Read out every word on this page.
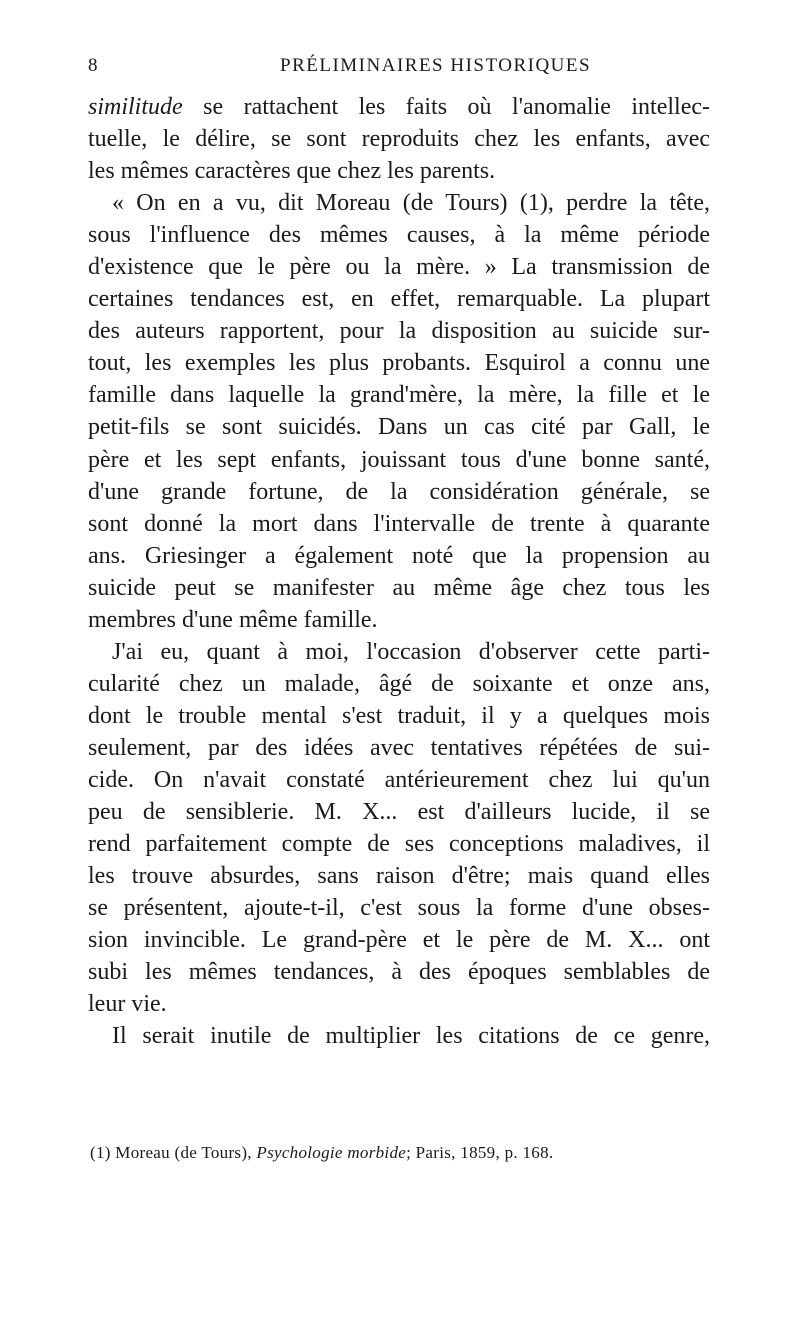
8	PRÉLIMINAIRES HISTORIQUES
similitude se rattachent les faits où l'anomalie intellec-
tuelle, le délire, se sont reproduits chez les enfants, avec
les mêmes caractères que chez les parents.
« On en a vu, dit Moreau (de Tours) (1), perdre la tête,
sous l'influence des mêmes causes, à la même période
d'existence que le père ou la mère. » La transmission de
certaines tendances est, en effet, remarquable. La plupart
des auteurs rapportent, pour la disposition au suicide sur-
tout, les exemples les plus probants. Esquirol a connu une
famille dans laquelle la grand'mère, la mère, la fille et le
petit-fils se sont suicidés. Dans un cas cité par Gall, le
père et les sept enfants, jouissant tous d'une bonne santé,
d'une grande fortune, de la considération générale, se
sont donné la mort dans l'intervalle de trente à quarante
ans. Griesinger a également noté que la propension au
suicide peut se manifester au même âge chez tous les
membres d'une même famille.
J'ai eu, quant à moi, l'occasion d'observer cette parti-
cularité chez un malade, âgé de soixante et onze ans,
dont le trouble mental s'est traduit, il y a quelques mois
seulement, par des idées avec tentatives répétées de sui-
cide. On n'avait constaté antérieurement chez lui qu'un
peu de sensiblerie. M. X... est d'ailleurs lucide, il se
rend parfaitement compte de ses conceptions maladives, il
les trouve absurdes, sans raison d'être; mais quand elles
se présentent, ajoute-t-il, c'est sous la forme d'une obses-
sion invincible. Le grand-père et le père de M. X... ont
subi les mêmes tendances, à des époques semblables de
leur vie.
Il serait inutile de multiplier les citations de ce genre,
(1) Moreau (de Tours), Psychologie morbide; Paris, 1859, p. 168.
